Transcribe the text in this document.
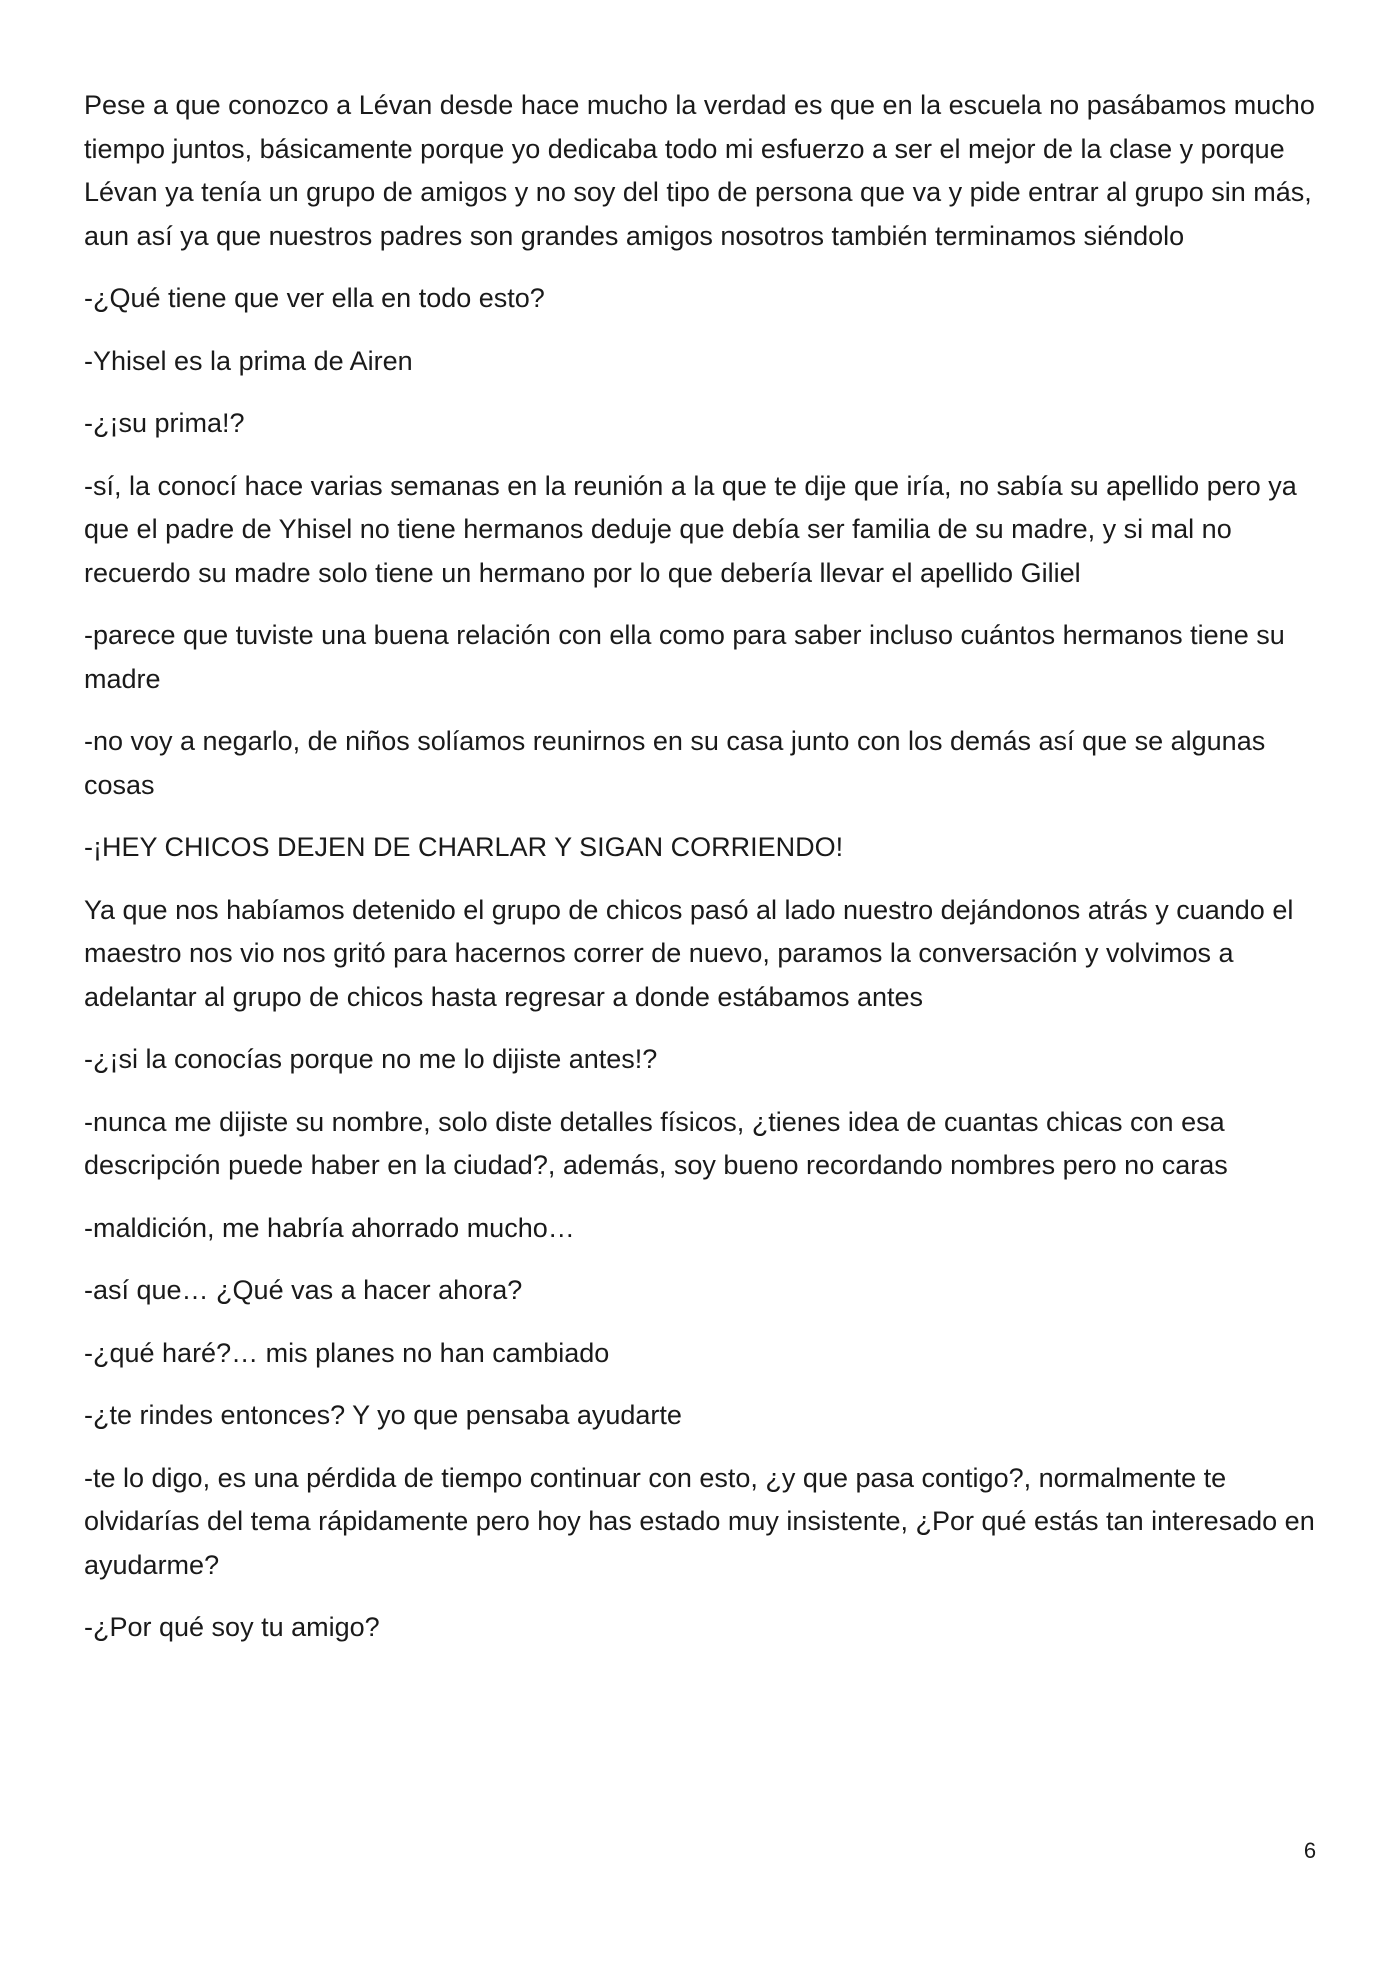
Pese a que conozco a Lévan desde hace mucho la verdad es que en la escuela no pasábamos mucho tiempo juntos, básicamente porque yo dedicaba todo mi esfuerzo a ser el mejor de la clase y porque Lévan ya tenía un grupo de amigos y no soy del tipo de persona que va y pide entrar al grupo sin más, aun así ya que nuestros padres son grandes amigos nosotros también terminamos siéndolo

-¿Qué tiene que ver ella en todo esto?

-Yhisel es la prima de Airen

-¿¡su prima!?

-sí, la conocí hace varias semanas en la reunión a la que te dije que iría, no sabía su apellido pero ya que el padre de Yhisel no tiene hermanos deduje que debía ser familia de su madre, y si mal no recuerdo su madre solo tiene un hermano por lo que debería llevar el apellido Giliel

-parece que tuviste una buena relación con ella como para saber incluso cuántos hermanos tiene su madre

-no voy a negarlo, de niños solíamos reunirnos en su casa junto con los demás así que se algunas cosas

-¡HEY CHICOS DEJEN DE CHARLAR Y SIGAN CORRIENDO!

Ya que nos habíamos detenido el grupo de chicos pasó al lado nuestro dejándonos atrás y cuando el maestro nos vio nos gritó para hacernos correr de nuevo, paramos la conversación y volvimos a adelantar al grupo de chicos hasta regresar a donde estábamos antes

-¿¡si la conocías porque no me lo dijiste antes!?

-nunca me dijiste su nombre, solo diste detalles físicos, ¿tienes idea de cuantas chicas con esa descripción puede haber en la ciudad?, además, soy bueno recordando nombres pero no caras

-maldición, me habría ahorrado mucho…

-así que… ¿Qué vas a hacer ahora?

-¿qué haré?… mis planes no han cambiado

-¿te rindes entonces? Y yo que pensaba ayudarte

-te lo digo, es una pérdida de tiempo continuar con esto, ¿y que pasa contigo?, normalmente te olvidarías del tema rápidamente pero hoy has estado muy insistente, ¿Por qué estás tan interesado en ayudarme?

-¿Por qué soy tu amigo?

6
